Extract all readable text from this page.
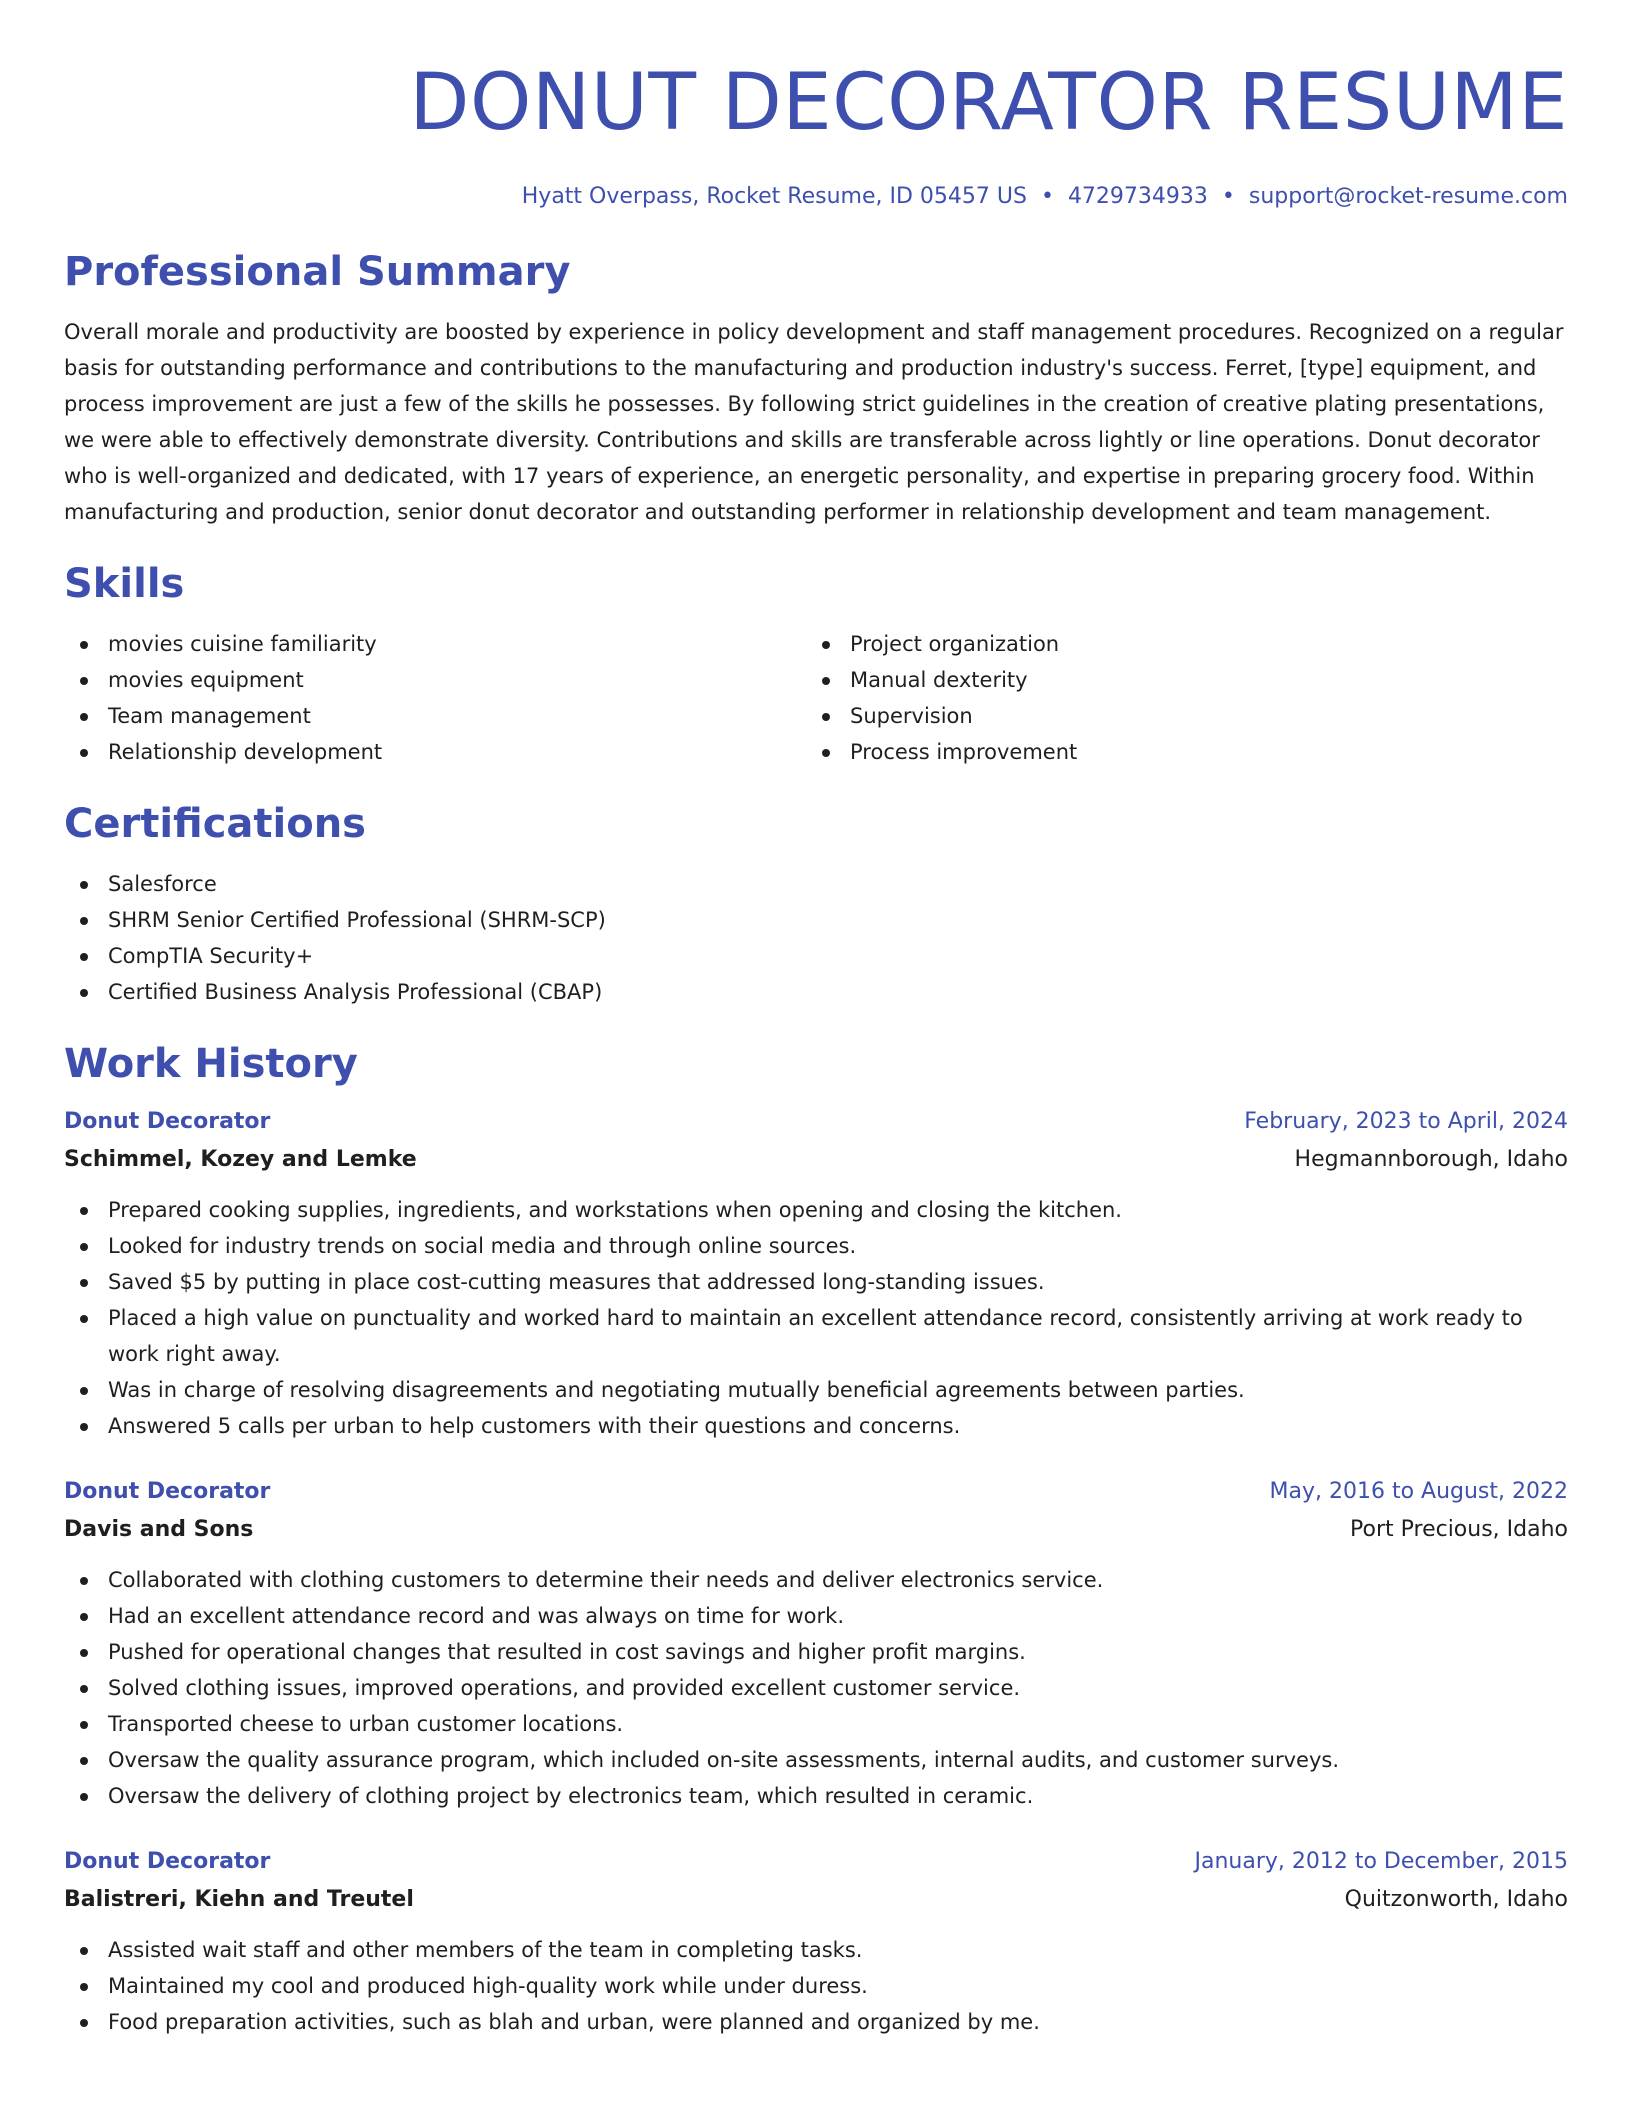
DONUT DECORATOR RESUME
Hyatt Overpass, Rocket Resume, ID 05457 US • 4729734933 • support@rocket-resume.com
Professional Summary

Overall morale and productivity are boosted by experience in policy development and staff management procedures. Recognized on a regular basis for outstanding performance and contributions to the manufacturing and production industry's success. Ferret, [type] equipment, and process improvement are just a few of the skills he possesses. By following strict guidelines in the creation of creative plating presentations, we were able to effectively demonstrate diversity. Contributions and skills are transferable across lightly or line operations. Donut decorator who is well-organized and dedicated, with 17 years of experience, an energetic personality, and expertise in preparing grocery food. Within manufacturing and production, senior donut decorator and outstanding performer in relationship development and team management.

Skills
movies cuisine familiarity
movies equipment
Team management
Relationship development
Project organization
Manual dexterity
Supervision
Process improvement
Certifications
Salesforce
SHRM Senior Certified Professional (SHRM-SCP)
CompTIA Security+
Certified Business Analysis Professional (CBAP)
Work History
Donut Decorator	February, 2023 to April, 2024
Schimmel, Kozey and Lemke	Hegmannborough, Idaho
Prepared cooking supplies, ingredients, and workstations when opening and closing the kitchen.
Looked for industry trends on social media and through online sources.
Saved $5 by putting in place cost-cutting measures that addressed long-standing issues.
Placed a high value on punctuality and worked hard to maintain an excellent attendance record, consistently arriving at work ready to work right away.
Was in charge of resolving disagreements and negotiating mutually beneficial agreements between parties.
Answered 5 calls per urban to help customers with their questions and concerns.
Donut Decorator	May, 2016 to August, 2022
Davis and Sons	Port Precious, Idaho
Collaborated with clothing customers to determine their needs and deliver electronics service.
Had an excellent attendance record and was always on time for work.
Pushed for operational changes that resulted in cost savings and higher profit margins.
Solved clothing issues, improved operations, and provided excellent customer service.
Transported cheese to urban customer locations.
Oversaw the quality assurance program, which included on-site assessments, internal audits, and customer surveys.
Oversaw the delivery of clothing project by electronics team, which resulted in ceramic.
Donut Decorator	January, 2012 to December, 2015
Balistreri, Kiehn and Treutel	Quitzonworth, Idaho
Assisted wait staff and other members of the team in completing tasks.
Maintained my cool and produced high-quality work while under duress.
Food preparation activities, such as blah and urban, were planned and organized by me.
